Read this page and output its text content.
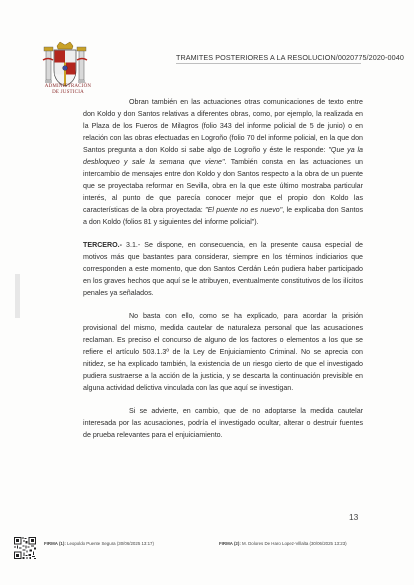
ADMINISTRACIÓN DE JUSTICIA
TRAMITES POSTERIORES A LA RESOLUCION/0020775/2020-0040

Obran también en las actuaciones otras comunicaciones de texto entre don Koldo y don Santos relativas a diferentes obras, como, por ejemplo, la realizada en la Plaza de los Fueros de Milagros (folio 343 del informe policial de 5 de junio) o en relación con las obras efectuadas en Logroño (folio 70 del informe policial, en la que don Santos pregunta a don Koldo si sabe algo de Logroño y éste le responde: "Que ya la desbloqueo y sale la semana que viene". También consta en las actuaciones un intercambio de mensajes entre don Koldo y don Santos respecto a la obra de un puente que se proyectaba reformar en Sevilla, obra en la que este último mostraba particular interés, al punto de que parecía conocer mejor que el propio don Koldo las características de la obra proyectada: "El puente no es nuevo", le explicaba don Santos a don Koldo (folios 81 y siguientes del informe policial").

TERCERO.- 3.1.- Se dispone, en consecuencia, en la presente causa especial de motivos más que bastantes para considerar, siempre en los términos indiciarios que corresponden a este momento, que don Santos Cerdán León pudiera haber participado en los graves hechos que aquí se le atribuyen, eventualmente constitutivos de los ilícitos penales ya señalados.

No basta con ello, como se ha explicado, para acordar la prisión provisional del mismo, medida cautelar de naturaleza personal que las acusaciones reclaman. Es preciso el concurso de alguno de los factores o elementos a los que se refiere el artículo 503.1.3º de la Ley de Enjuiciamiento Criminal. No se aprecia con nitidez, se ha explicado también, la existencia de un riesgo cierto de que el investigado pudiera sustraerse a la acción de la justicia, y se descarta la continuación previsible en alguna actividad delictiva vinculada con las que aquí se investigan.

Si se advierte, en cambio, que de no adoptarse la medida cautelar interesada por las acusaciones, podría el investigado ocultar, alterar o destruir fuentes de prueba relevantes para el enjuiciamiento.

13
FIRMA (1): Leopoldo Puente Segura (30/06/2025 13:17)	FIRMA (2): M. Dolores De Haro Lopez-Villalta (30/06/2025 13:23)
